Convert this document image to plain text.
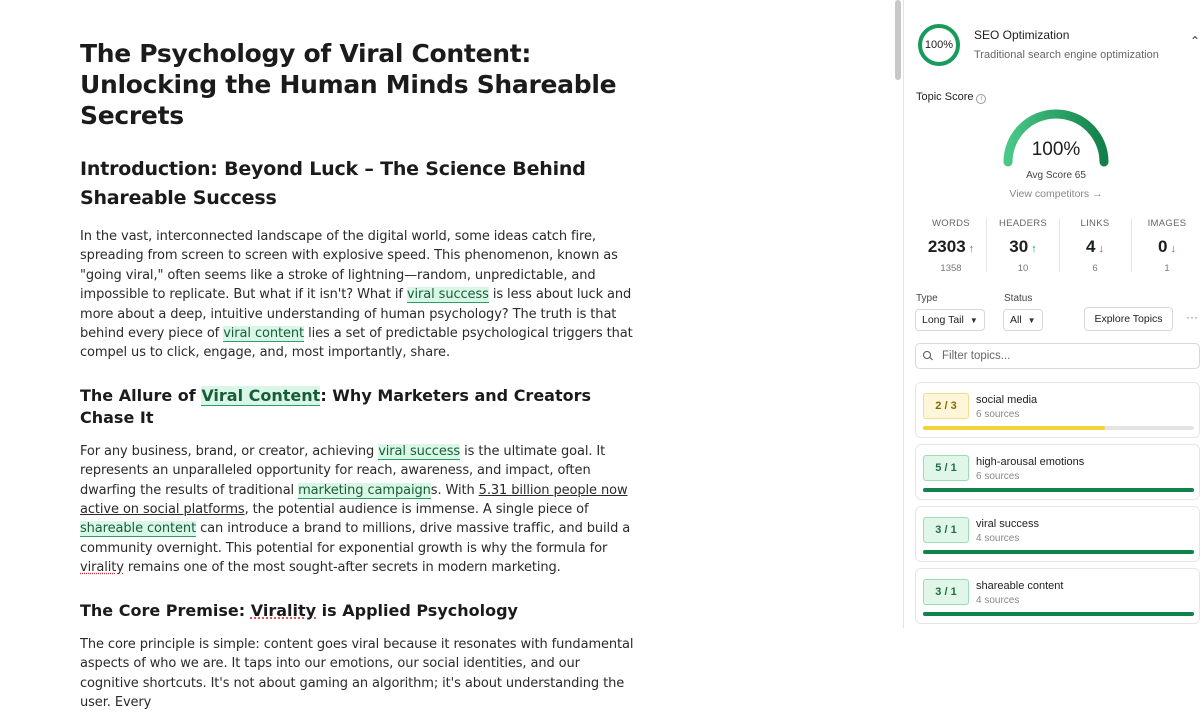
The Psychology of Viral Content: Unlocking the Human Minds Shareable Secrets
Introduction: Beyond Luck – The Science Behind Shareable Success

In the vast, interconnected landscape of the digital world, some ideas catch fire, spreading from screen to screen with explosive speed. This phenomenon, known as "going viral," often seems like a stroke of lightning—random, unpredictable, and impossible to replicate. But what if it isn't? What if viral success is less about luck and more about a deep, intuitive understanding of human psychology? The truth is that behind every piece of viral content lies a set of predictable psychological triggers that compel us to click, engage, and, most importantly, share.

The Allure of Viral Content: Why Marketers and Creators Chase It

For any business, brand, or creator, achieving viral success is the ultimate goal. It represents an unparalleled opportunity for reach, awareness, and impact, often dwarfing the results of traditional marketing campaigns. With 5.31 billion people now active on social platforms, the potential audience is immense. A single piece of shareable content can introduce a brand to millions, drive massive traffic, and build a community overnight. This potential for exponential growth is why the formula for virality remains one of the most sought-after secrets in modern marketing.

The Core Premise: Virality is Applied Psychology

The core principle is simple: content goes viral because it resonates with fundamental aspects of who we are. It taps into our emotions, our social identities, and our cognitive shortcuts. It's not about gaming an algorithm; it's about understanding the user. Every

100%
SEO Optimization
Traditional search engine optimization
⌃
Topic Score i
100%
Avg Score 65
View competitors →
WORDS
2303 ↑
1358
HEADERS
30 ↑
10
LINKS
4 ↓
6
IMAGES
0 ↓
1
Type	Status
Long Tail ▼	All ▼	Explore Topics	···
Filter topics...
2 / 3	social media
6 sources
5 / 1	high-arousal emotions
6 sources
3 / 1	viral success
4 sources
3 / 1	shareable content
4 sources
